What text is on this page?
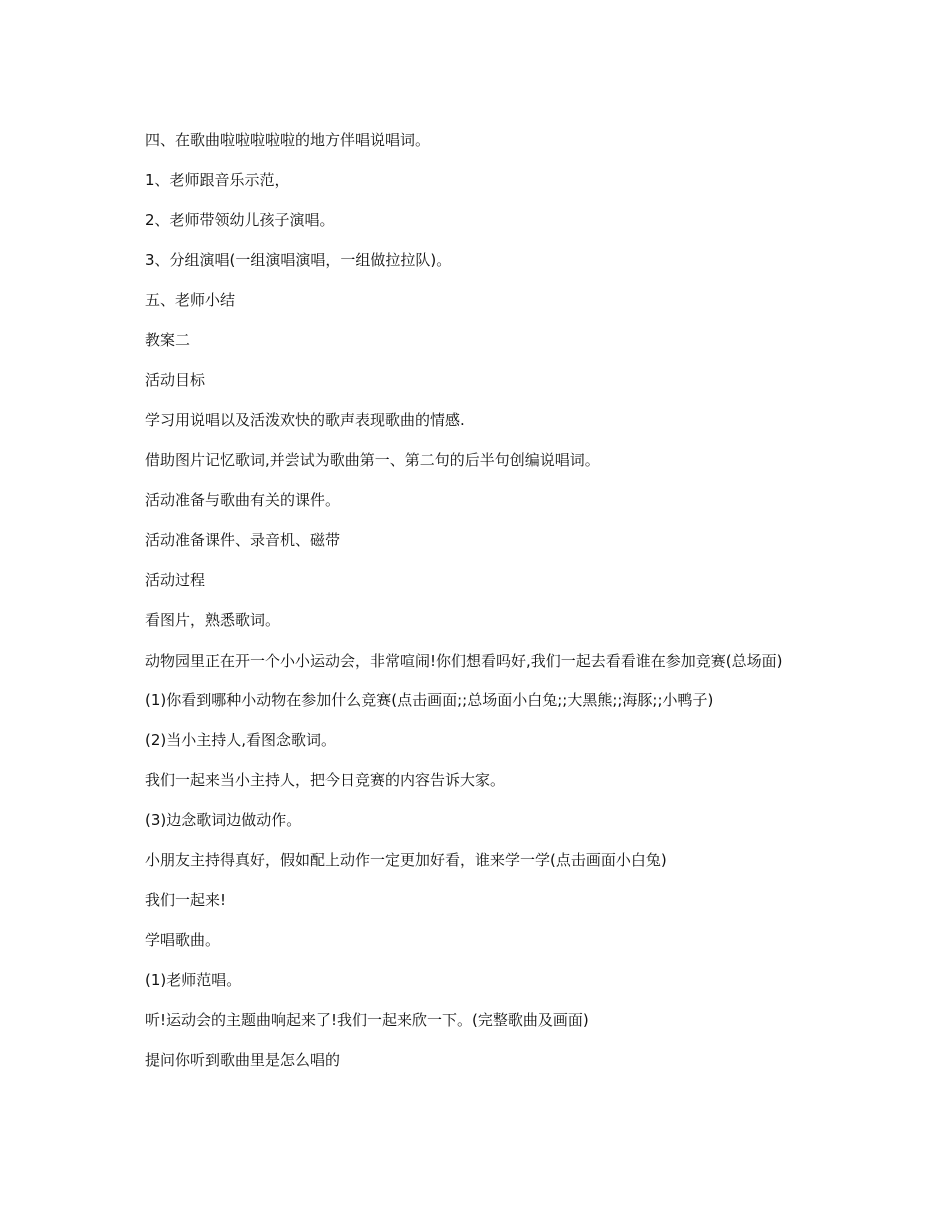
四、在歌曲啦啦啦啦啦的地方伴唱说唱词。

1、老师跟音乐示范，

2、老师带领幼儿孩子演唱。

3、分组演唱(一组演唱演唱，一组做拉拉队)。

五、老师小结

教案二

活动目标

学习用说唱以及活泼欢快的歌声表现歌曲的情感.

借助图片记忆歌词,并尝试为歌曲第一、第二句的后半句创编说唱词。

活动准备与歌曲有关的课件。

活动准备课件、录音机、磁带

活动过程

看图片，熟悉歌词。

动物园里正在开一个小小运动会，非常喧闹!你们想看吗好,我们一起去看看谁在参加竞赛(总场面)

(1)你看到哪种小动物在参加什么竞赛(点击画面;;总场面小白兔;;大黑熊;;海豚;;小鸭子)

(2)当小主持人,看图念歌词。

我们一起来当小主持人，把今日竞赛的内容告诉大家。

(3)边念歌词边做动作。

小朋友主持得真好，假如配上动作一定更加好看，谁来学一学(点击画面小白兔)

我们一起来!

学唱歌曲。

(1)老师范唱。

听!运动会的主题曲响起来了!我们一起来欣一下。(完整歌曲及画面)

提问你听到歌曲里是怎么唱的
